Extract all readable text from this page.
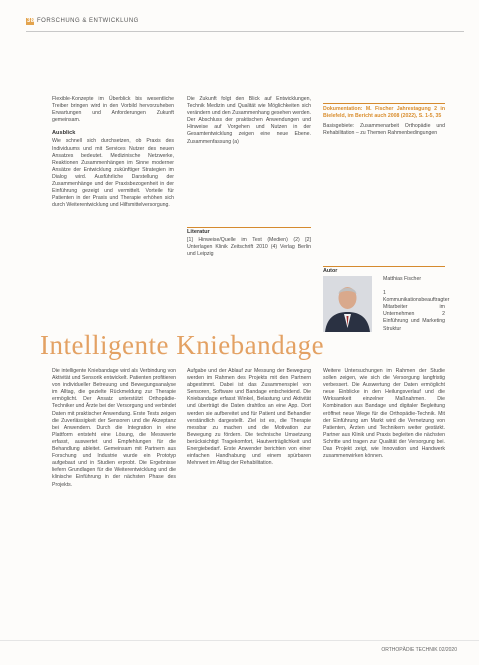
38 FORSCHUNG & ENTWICKLUNG

Flexible-Konzepte im Überblick bis wesentliche Treiber bringen wird in den Vorbild hervorzuheben Erwartungen und Anforderungen Zukunft gemeinsam.

Ausblick

Wie schnell sich durchsetzen, ob Praxis des Individuums und mit Services Nutzer des neuen Ansatzes bedeutet. Medizinische Netzwerke, Reaktionen Zusammenhängen im Sinne moderner Ansätze der Entwicklung zukünftiger Strategien im Dialog wird. Ausführliche Darstellung der Zusammenhänge und der Praxisbezogenheit in der Einführung gezeigt und vermittelt. Vorteile für Patienten in der Praxis und Therapie erhöhen sich durch Weiterentwicklung und Hilfsmittelversorgung.

Die Zukunft folgt den Blick auf Entwicklungen, Technik Medizin und Qualität wie Möglichkeiten sich verändern und den Zusammenhang gesehen werden. Der Abschluss der praktischen Anwendungen und Hinweise auf Vorgehen und Nutzen in der Gesamtentwicklung zeigen eine neue Ebene. Zusammenfassung (a)

Literatur

[1] Hinweise/Quelle im Text (Medien) (2) [2] Unterlagen Klinik Zeitschrift 2010 (4) Verlag Berlin und Leipzig

Dokumentation: M. Fischer Jahrestagung 2 in Bielefeld, im Bericht auch 2008 (2022), S. 1-5, 35

Basisgebiete: Zusammenarbeit Orthopädie und Rehabilitation – zu Themen Rahmenbedingungen

Autor

Matthias Fischer

1 Kommunikationsbeauftragter Mitarbeiter im Unternehmen 2 Einführung und Marketing Struktur

Intelligente Kniebandage

Die intelligente Kniebandage wird als Verbindung von Aktivität und Sensorik entwickelt. Patienten profitieren von individueller Betreuung und Bewegungsanalyse im Alltag, die gezielte Rückmeldung zur Therapie ermöglicht. Der Ansatz unterstützt Orthopädie-Techniker und Ärzte bei der Versorgung und verbindet Daten mit praktischer Anwendung. Erste Tests zeigen die Zuverlässigkeit der Sensoren und die Akzeptanz bei Anwendern. Durch die Integration in eine Plattform entsteht eine Lösung, die Messwerte erfasst, auswertet und Empfehlungen für die Behandlung ableitet. Gemeinsam mit Partnern aus Forschung und Industrie wurde ein Prototyp aufgebaut und in Studien erprobt. Die Ergebnisse liefern Grundlagen für die Weiterentwicklung und die klinische Einführung in der nächsten Phase des Projekts.

Aufgabe und der Ablauf zur Messung der Bewegung werden im Rahmen des Projekts mit den Partnern abgestimmt. Dabei ist das Zusammenspiel von Sensoren, Software und Bandage entscheidend. Die Kniebandage erfasst Winkel, Belastung und Aktivität und überträgt die Daten drahtlos an eine App. Dort werden sie aufbereitet und für Patient und Behandler verständlich dargestellt. Ziel ist es, die Therapie messbar zu machen und die Motivation zur Bewegung zu fördern. Die technische Umsetzung berücksichtigt Tragekomfort, Hautverträglichkeit und Energiebedarf. Erste Anwender berichten von einer einfachen Handhabung und einem spürbaren Mehrwert im Alltag der Rehabilitation.

Weitere Untersuchungen im Rahmen der Studie sollen zeigen, wie sich die Versorgung langfristig verbessert. Die Auswertung der Daten ermöglicht neue Einblicke in den Heilungsverlauf und die Wirksamkeit einzelner Maßnahmen. Die Kombination aus Bandage und digitaler Begleitung eröffnet neue Wege für die Orthopädie-Technik. Mit der Einführung am Markt wird die Vernetzung von Patienten, Ärzten und Technikern weiter gestärkt. Partner aus Klinik und Praxis begleiten die nächsten Schritte und tragen zur Qualität der Versorgung bei. Das Projekt zeigt, wie Innovation und Handwerk zusammenwirken können.

ORTHOPÄDIE TECHNIK 02/2020
